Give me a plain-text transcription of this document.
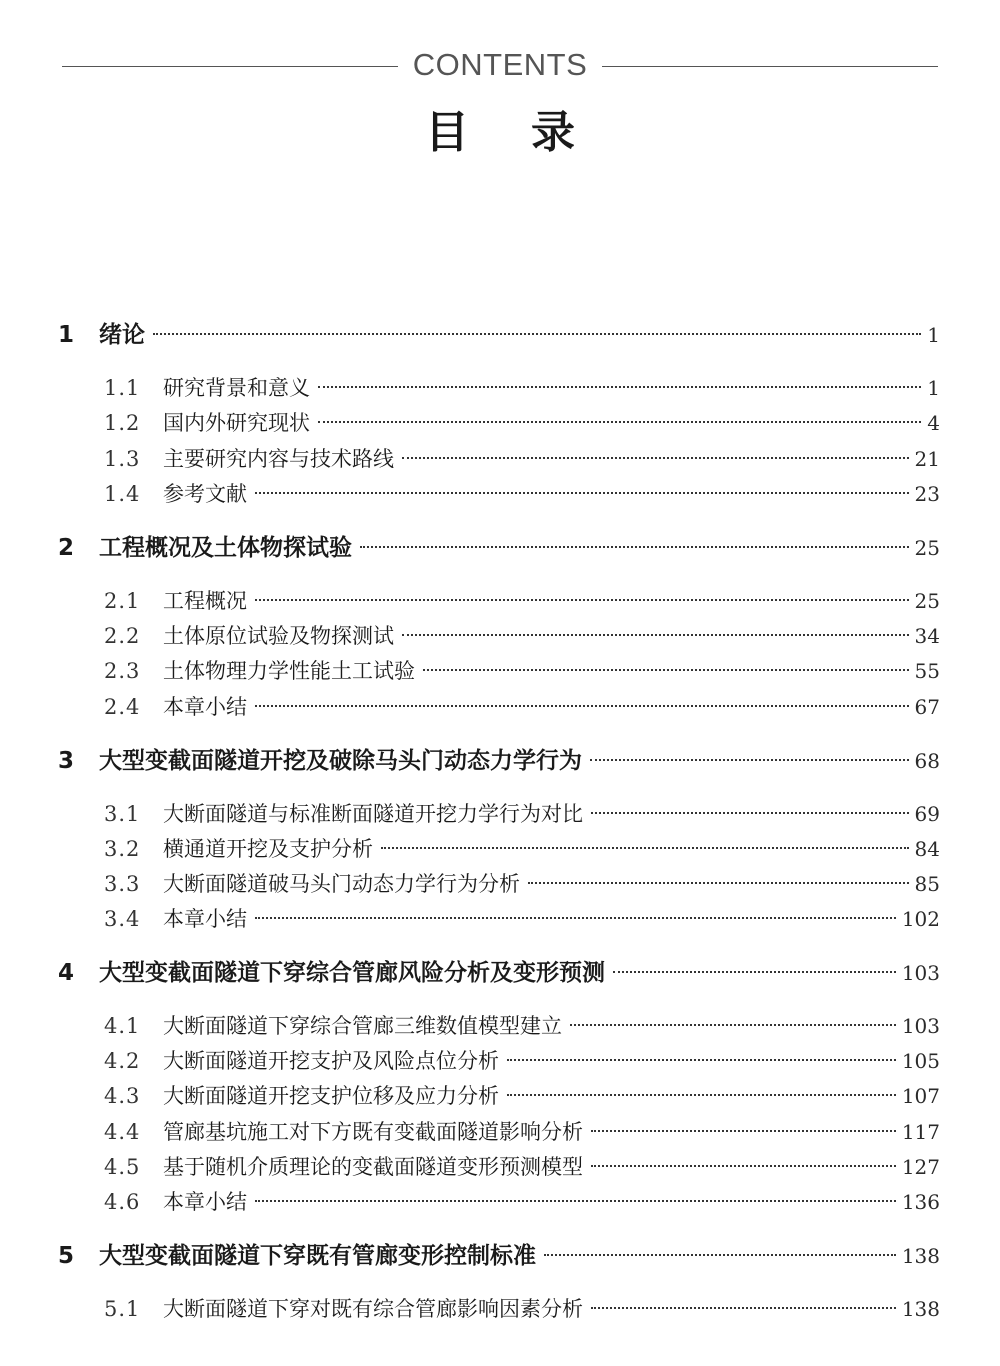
CONTENTS
目录
1	绪论	1
1.1	研究背景和意义	1
1.2	国内外研究现状	4
1.3	主要研究内容与技术路线	21
1.4	参考文献	23
2	工程概况及土体物探试验	25
2.1	工程概况	25
2.2	土体原位试验及物探测试	34
2.3	土体物理力学性能土工试验	55
2.4	本章小结	67
3	大型变截面隧道开挖及破除马头门动态力学行为	68
3.1	大断面隧道与标准断面隧道开挖力学行为对比	69
3.2	横通道开挖及支护分析	84
3.3	大断面隧道破马头门动态力学行为分析	85
3.4	本章小结	102
4	大型变截面隧道下穿综合管廊风险分析及变形预测	103
4.1	大断面隧道下穿综合管廊三维数值模型建立	103
4.2	大断面隧道开挖支护及风险点位分析	105
4.3	大断面隧道开挖支护位移及应力分析	107
4.4	管廊基坑施工对下方既有变截面隧道影响分析	117
4.5	基于随机介质理论的变截面隧道变形预测模型	127
4.6	本章小结	136
5	大型变截面隧道下穿既有管廊变形控制标准	138
5.1	大断面隧道下穿对既有综合管廊影响因素分析	138
